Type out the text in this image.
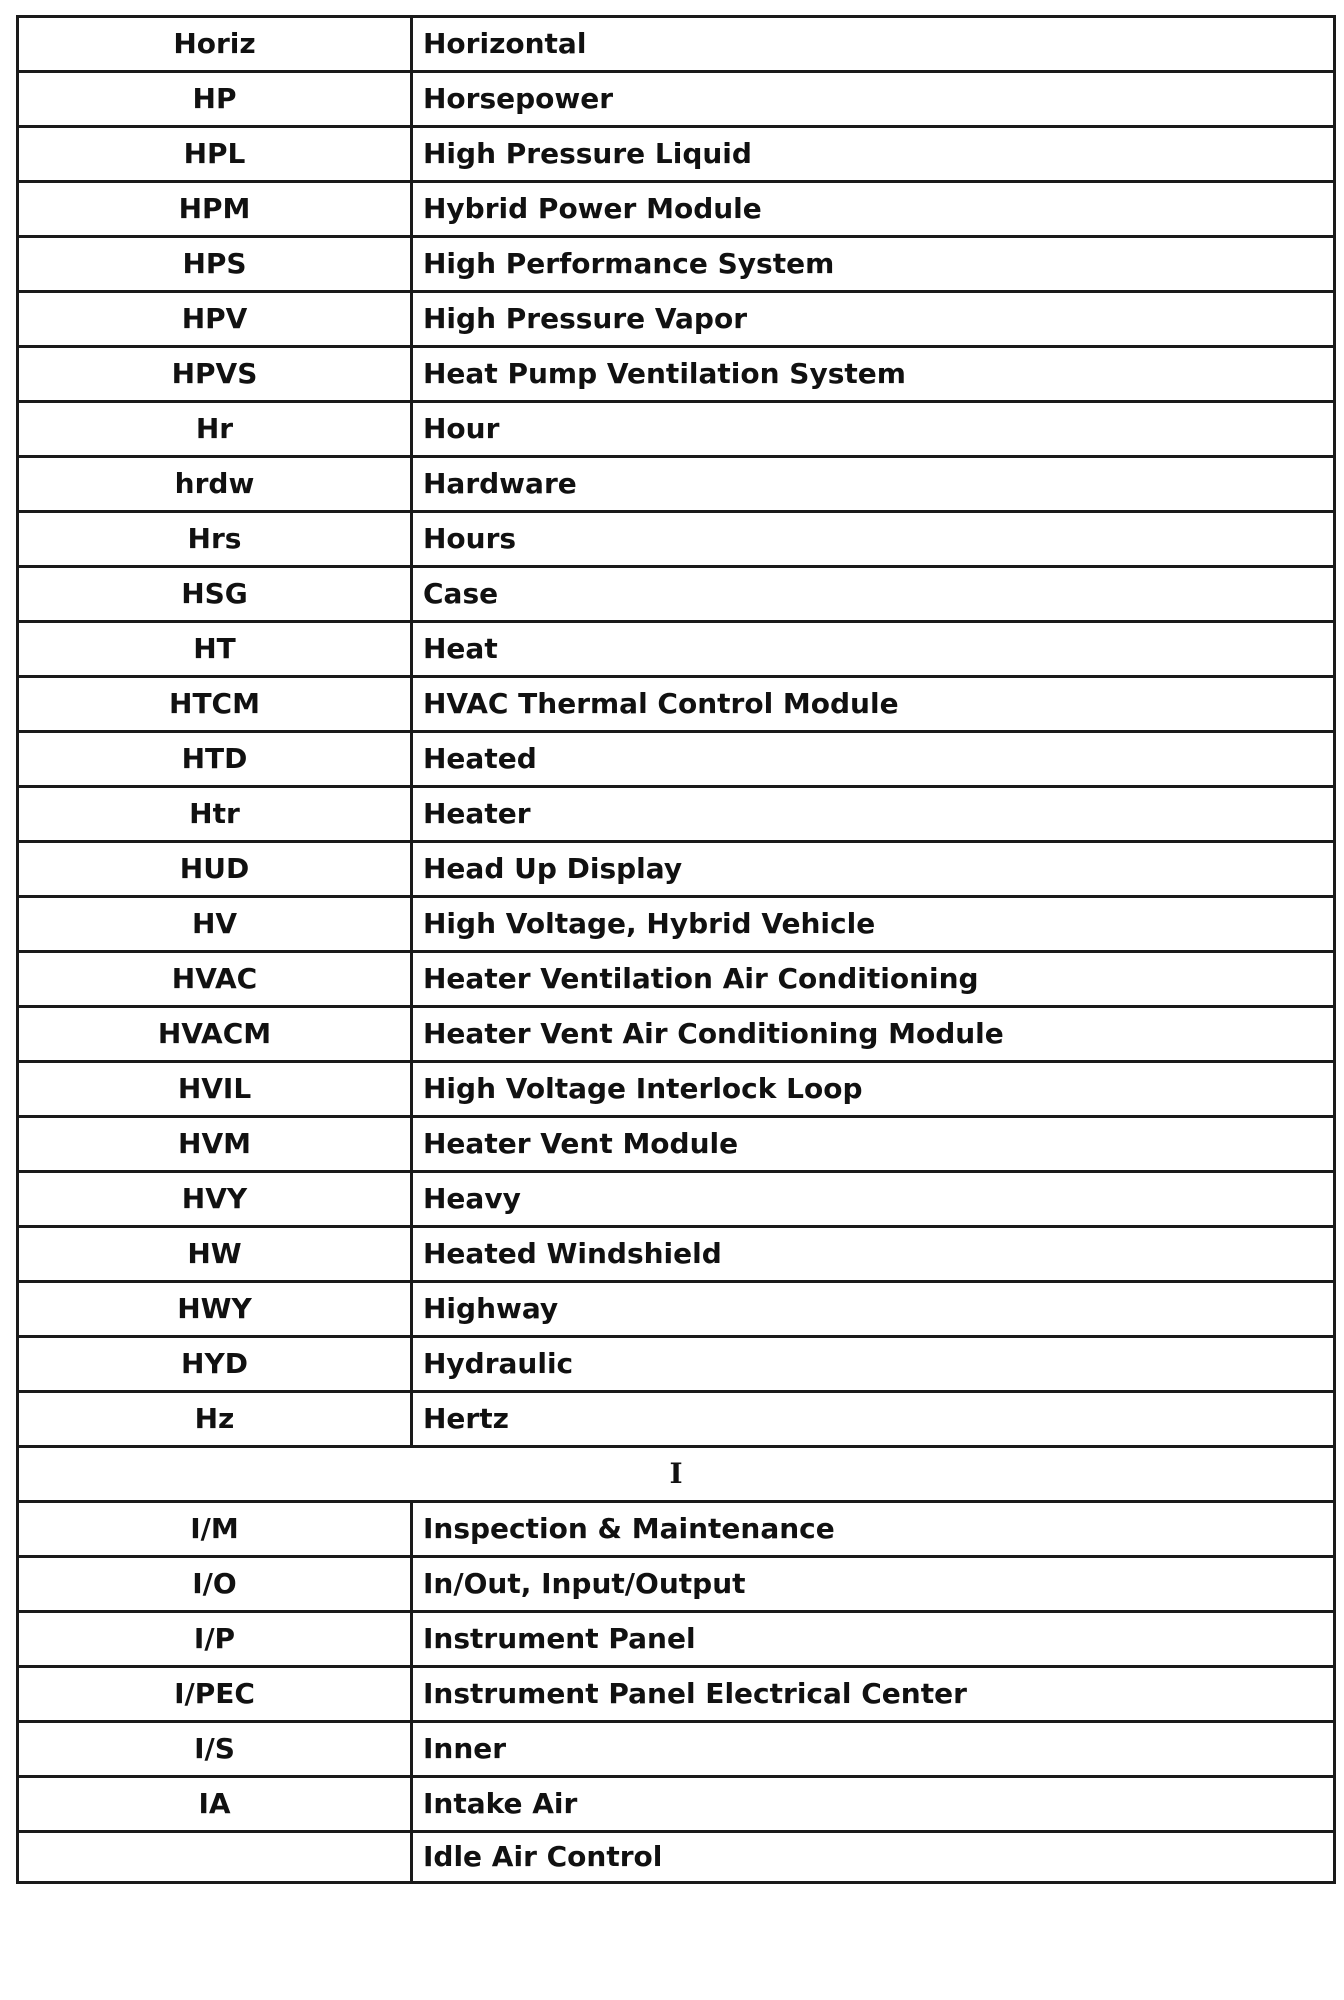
Horiz	Horizontal
HP	Horsepower
HPL	High Pressure Liquid
HPM	Hybrid Power Module
HPS	High Performance System
HPV	High Pressure Vapor
HPVS	Heat Pump Ventilation System
Hr	Hour
hrdw	Hardware
Hrs	Hours
HSG	Case
HT	Heat
HTCM	HVAC Thermal Control Module
HTD	Heated
Htr	Heater
HUD	Head Up Display
HV	High Voltage, Hybrid Vehicle
HVAC	Heater Ventilation Air Conditioning
HVACM	Heater Vent Air Conditioning Module
HVIL	High Voltage Interlock Loop
HVM	Heater Vent Module
HVY	Heavy
HW	Heated Windshield
HWY	Highway
HYD	Hydraulic
Hz	Hertz
I	
I/M	Inspection & Maintenance
I/O	In/Out, Input/Output
I/P	Instrument Panel
I/PEC	Instrument Panel Electrical Center
I/S	Inner
IA	Intake Air
	Idle Air Control
